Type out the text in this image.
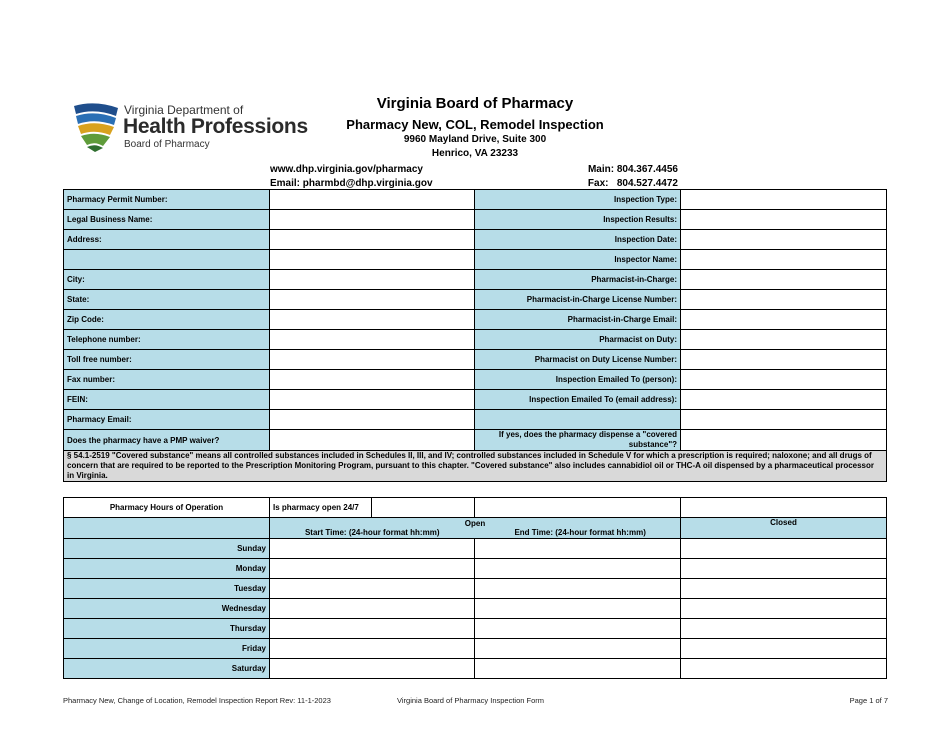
Virginia Department of
Health Professions
Board of Pharmacy
Virginia Board of Pharmacy
Pharmacy New, COL, Remodel Inspection
9960 Mayland Drive, Suite 300
Henrico, VA 23233
www.dhp.virginia.gov/pharmacy
Email: pharmbd@dhp.virginia.gov
Main: 804.367.4456
Fax:   804.527.4472
Pharmacy Permit Number:		Inspection Type:	
Legal Business Name:		Inspection Results:	
Address:		Inspection Date:	
		Inspector Name:	
City:		Pharmacist-in-Charge:	
State:		Pharmacist-in-Charge License Number:	
Zip Code:		Pharmacist-in-Charge Email:	
Telephone number:		Pharmacist on Duty:	
Toll free number:		Pharmacist on Duty License Number:	
Fax number:		Inspection Emailed To (person):	
FEIN:		Inspection Emailed To (email address):	
Pharmacy Email:			
Does the pharmacy have a PMP waiver?		If yes, does the pharmacy dispense a "covered substance"?	
§ 54.1-2519 "Covered substance" means all controlled substances included in Schedules II, III, and IV; controlled substances included in Schedule V for which a prescription is required; naloxone; and all drugs of concern that are required to be reported to the Prescription Monitoring Program, pursuant to this chapter. "Covered substance" also includes cannabidiol oil or THC-A oil dispensed by a pharmaceutical processor in Virginia.			
Pharmacy Hours of Operation	Is pharmacy open 24/7			

	Open
Start Time: (24-hour format hh:mm) End Time: (24-hour format hh:mm)			Closed
Sunday				
Monday				
Tuesday				
Wednesday				
Thursday				
Friday				
Saturday				
Pharmacy New, Change of Location, Remodel Inspection Report Rev: 11-1-2023	Virginia Board of Pharmacy Inspection Form	Page 1 of 7
